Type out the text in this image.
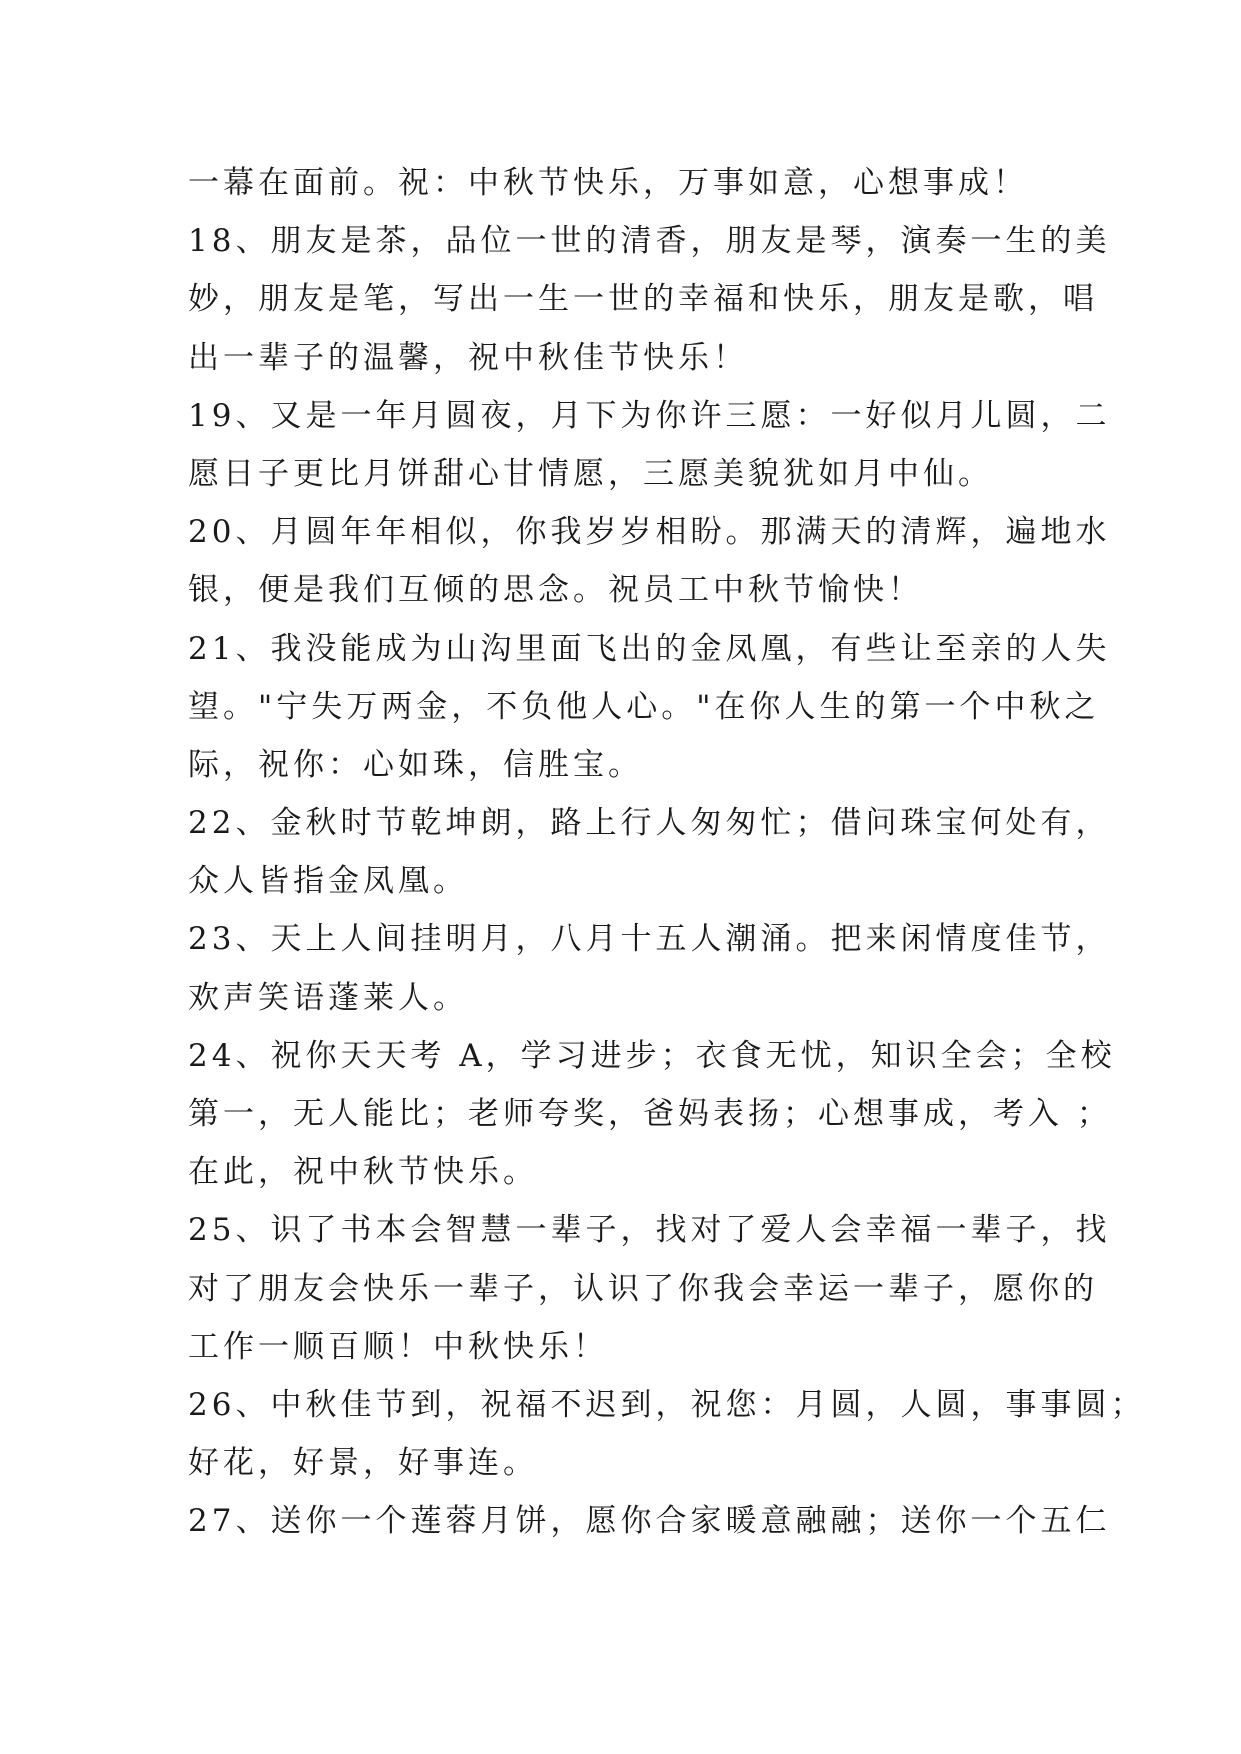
一幕在面前。祝：中秋节快乐，万事如意，心想事成！
18、朋友是茶，品位一世的清香，朋友是琴，演奏一生的美
妙，朋友是笔，写出一生一世的幸福和快乐，朋友是歌，唱
出一辈子的温馨，祝中秋佳节快乐！
19、又是一年月圆夜，月下为你许三愿：一好似月儿圆，二
愿日子更比月饼甜心甘情愿，三愿美貌犹如月中仙。
20、月圆年年相似，你我岁岁相盼。那满天的清辉，遍地水
银，便是我们互倾的思念。祝员工中秋节愉快！
21、我没能成为山沟里面飞出的金凤凰，有些让至亲的人失
望。"宁失万两金，不负他人心。"在你人生的第一个中秋之
际，祝你：心如珠，信胜宝。
22、金秋时节乾坤朗，路上行人匆匆忙；借问珠宝何处有，
众人皆指金凤凰。
23、天上人间挂明月，八月十五人潮涌。把来闲情度佳节，
欢声笑语蓬莱人。
24、祝你天天考 A，学习进步；衣食无忧，知识全会；全校
第一，无人能比；老师夸奖，爸妈表扬；心想事成，考入 ；
在此，祝中秋节快乐。
25、识了书本会智慧一辈子，找对了爱人会幸福一辈子，找
对了朋友会快乐一辈子，认识了你我会幸运一辈子，愿你的
工作一顺百顺！中秋快乐！
26、中秋佳节到，祝福不迟到，祝您：月圆，人圆，事事圆；
好花，好景，好事连。
27、送你一个莲蓉月饼，愿你合家暖意融融；送你一个五仁
